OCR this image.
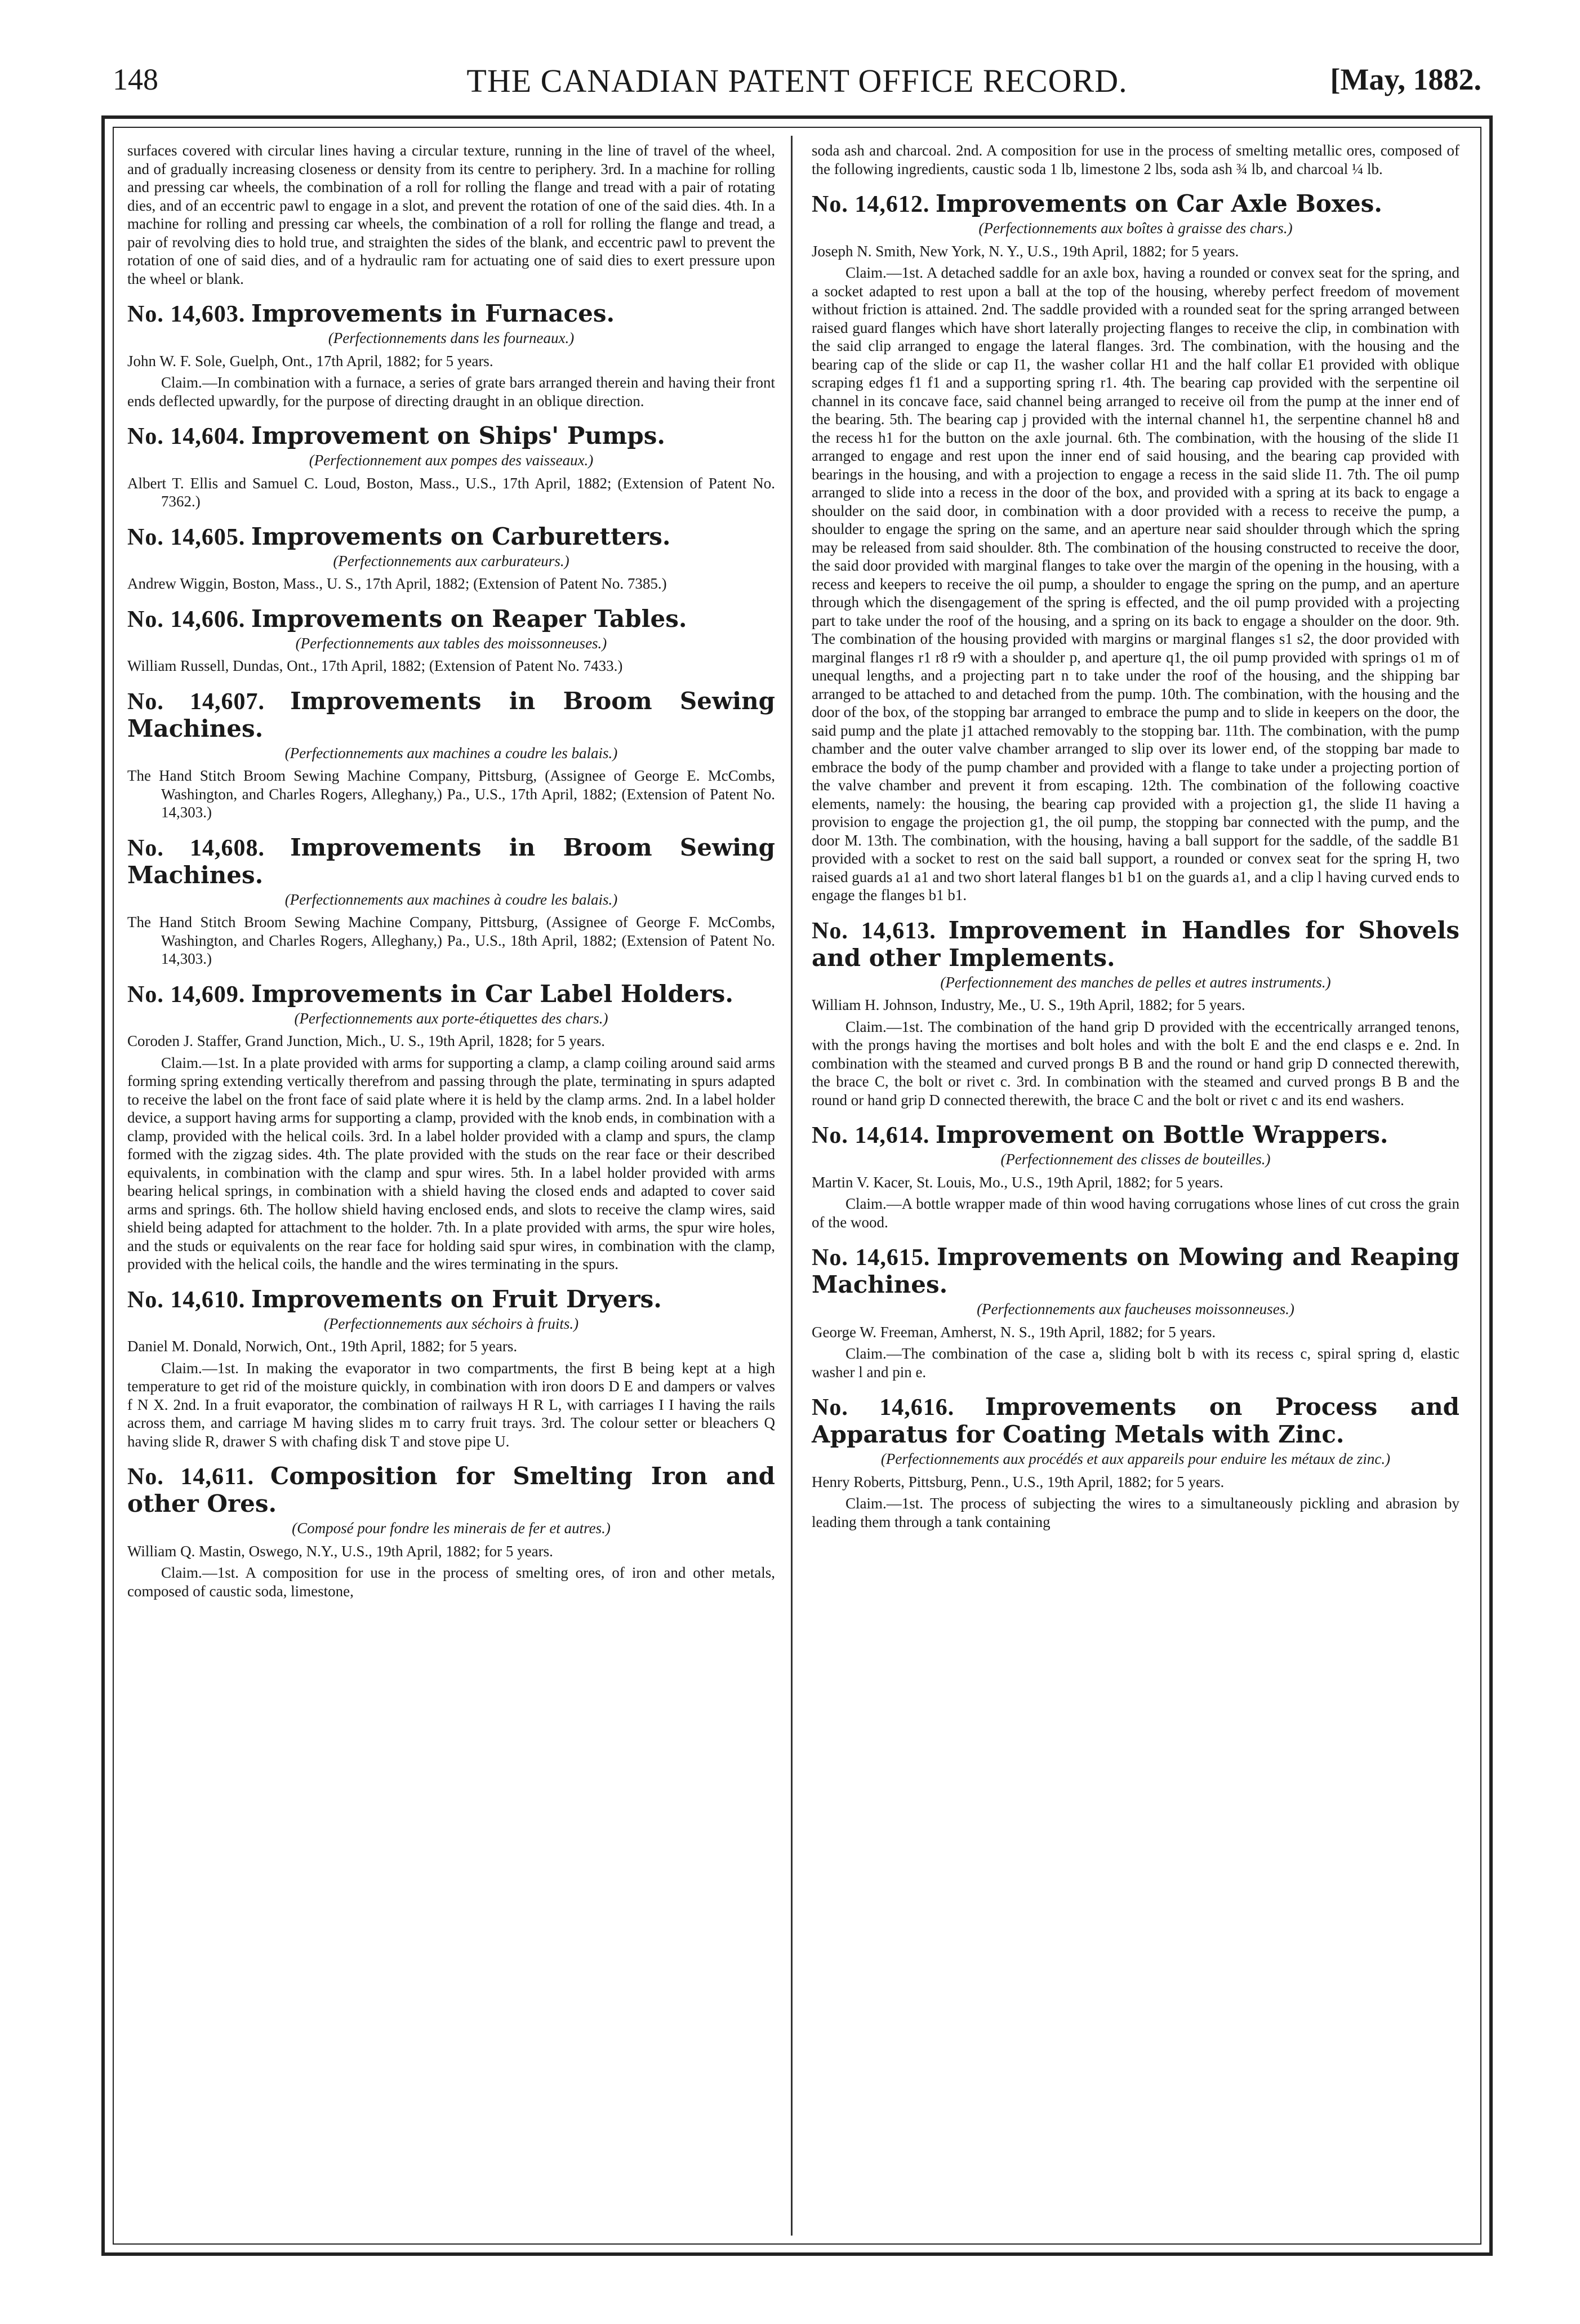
148	THE CANADIAN PATENT OFFICE RECORD.	[May, 1882.

surfaces covered with circular lines having a circular texture, running in the line of travel of the wheel, and of gradually increasing closeness or density from its centre to periphery. 3rd. In a machine for rolling and pressing car wheels, the combination of a roll for rolling the flange and tread with a pair of rotating dies, and of an eccentric pawl to engage in a slot, and prevent the rotation of one of the said dies. 4th. In a machine for rolling and pressing car wheels, the combination of a roll for rolling the flange and tread, a pair of revolving dies to hold true, and straighten the sides of the blank, and eccentric pawl to prevent the rotation of one of said dies, and of a hydraulic ram for actuating one of said dies to exert pressure upon the wheel or blank.

No. 14,603. Improvements in Furnaces.

(Perfectionnements dans les fourneaux.)

John W. F. Sole, Guelph, Ont., 17th April, 1882; for 5 years.

Claim.—In combination with a furnace, a series of grate bars arranged therein and having their front ends deflected upwardly, for the purpose of directing draught in an oblique direction.

No. 14,604. Improvement on Ships' Pumps.

(Perfectionnement aux pompes des vaisseaux.)

Albert T. Ellis and Samuel C. Loud, Boston, Mass., U.S., 17th April, 1882; (Extension of Patent No. 7362.)

No. 14,605. Improvements on Carburetters.

(Perfectionnements aux carburateurs.)

Andrew Wiggin, Boston, Mass., U. S., 17th April, 1882; (Extension of Patent No. 7385.)

No. 14,606. Improvements on Reaper Tables.

(Perfectionnements aux tables des moissonneuses.)

William Russell, Dundas, Ont., 17th April, 1882; (Extension of Patent No. 7433.)

No. 14,607. Improvements in Broom Sewing Machines.

(Perfectionnements aux machines a coudre les balais.)

The Hand Stitch Broom Sewing Machine Company, Pittsburg, (Assignee of George E. McCombs, Washington, and Charles Rogers, Alleghany,) Pa., U.S., 17th April, 1882; (Extension of Patent No. 14,303.)

No. 14,608. Improvements in Broom Sewing Machines.

(Perfectionnements aux machines à coudre les balais.)

The Hand Stitch Broom Sewing Machine Company, Pittsburg, (Assignee of George F. McCombs, Washington, and Charles Rogers, Alleghany,) Pa., U.S., 18th April, 1882; (Extension of Patent No. 14,303.)

No. 14,609. Improvements in Car Label Holders.

(Perfectionnements aux porte-étiquettes des chars.)

Coroden J. Staffer, Grand Junction, Mich., U. S., 19th April, 1828; for 5 years.

Claim.—1st. In a plate provided with arms for supporting a clamp, a clamp coiling around said arms forming spring extending vertically therefrom and passing through the plate, terminating in spurs adapted to receive the label on the front face of said plate where it is held by the clamp arms. 2nd. In a label holder device, a support having arms for supporting a clamp, provided with the knob ends, in combination with a clamp, provided with the helical coils. 3rd. In a label holder provided with a clamp and spurs, the clamp formed with the zigzag sides. 4th. The plate provided with the studs on the rear face or their described equivalents, in combination with the clamp and spur wires. 5th. In a label holder provided with arms bearing helical springs, in combination with a shield having the closed ends and adapted to cover said arms and springs. 6th. The hollow shield having enclosed ends, and slots to receive the clamp wires, said shield being adapted for attachment to the holder. 7th. In a plate provided with arms, the spur wire holes, and the studs or equivalents on the rear face for holding said spur wires, in combination with the clamp, provided with the helical coils, the handle and the wires terminating in the spurs.

No. 14,610. Improvements on Fruit Dryers.

(Perfectionnements aux séchoirs à fruits.)

Daniel M. Donald, Norwich, Ont., 19th April, 1882; for 5 years.

Claim.—1st. In making the evaporator in two compartments, the first B being kept at a high temperature to get rid of the moisture quickly, in combination with iron doors D E and dampers or valves f N X. 2nd. In a fruit evaporator, the combination of railways H R L, with carriages I I having the rails across them, and carriage M having slides m to carry fruit trays. 3rd. The colour setter or bleachers Q having slide R, drawer S with chafing disk T and stove pipe U.

No. 14,611. Composition for Smelting Iron and other Ores.

(Composé pour fondre les minerais de fer et autres.)

William Q. Mastin, Oswego, N.Y., U.S., 19th April, 1882; for 5 years.

Claim.—1st. A composition for use in the process of smelting ores, of iron and other metals, composed of caustic soda, limestone,

soda ash and charcoal. 2nd. A composition for use in the process of smelting metallic ores, composed of the following ingredients, caustic soda 1 lb, limestone 2 lbs, soda ash ¾ lb, and charcoal ¼ lb.

No. 14,612. Improvements on Car Axle Boxes.

(Perfectionnements aux boîtes à graisse des chars.)

Joseph N. Smith, New York, N. Y., U.S., 19th April, 1882; for 5 years.

Claim.—1st. A detached saddle for an axle box, having a rounded or convex seat for the spring, and a socket adapted to rest upon a ball at the top of the housing, whereby perfect freedom of movement without friction is attained. 2nd. The saddle provided with a rounded seat for the spring arranged between raised guard flanges which have short laterally projecting flanges to receive the clip, in combination with the said clip arranged to engage the lateral flanges. 3rd. The combination, with the housing and the bearing cap of the slide or cap I1, the washer collar H1 and the half collar E1 provided with oblique scraping edges f1 f1 and a supporting spring r1. 4th. The bearing cap provided with the serpentine oil channel in its concave face, said channel being arranged to receive oil from the pump at the inner end of the bearing. 5th. The bearing cap j provided with the internal channel h1, the serpentine channel h8 and the recess h1 for the button on the axle journal. 6th. The combination, with the housing of the slide I1 arranged to engage and rest upon the inner end of said housing, and the bearing cap provided with bearings in the housing, and with a projection to engage a recess in the said slide I1. 7th. The oil pump arranged to slide into a recess in the door of the box, and provided with a spring at its back to engage a shoulder on the said door, in combination with a door provided with a recess to receive the pump, a shoulder to engage the spring on the same, and an aperture near said shoulder through which the spring may be released from said shoulder. 8th. The combination of the housing constructed to receive the door, the said door provided with marginal flanges to take over the margin of the opening in the housing, with a recess and keepers to receive the oil pump, a shoulder to engage the spring on the pump, and an aperture through which the disengagement of the spring is effected, and the oil pump provided with a projecting part to take under the roof of the housing, and a spring on its back to engage a shoulder on the door. 9th. The combination of the housing provided with margins or marginal flanges s1 s2, the door provided with marginal flanges r1 r8 r9 with a shoulder p, and aperture q1, the oil pump provided with springs o1 m of unequal lengths, and a projecting part n to take under the roof of the housing, and the shipping bar arranged to be attached to and detached from the pump. 10th. The combination, with the housing and the door of the box, of the stopping bar arranged to embrace the pump and to slide in keepers on the door, the said pump and the plate j1 attached removably to the stopping bar. 11th. The combination, with the pump chamber and the outer valve chamber arranged to slip over its lower end, of the stopping bar made to embrace the body of the pump chamber and provided with a flange to take under a projecting portion of the valve chamber and prevent it from escaping. 12th. The combination of the following coactive elements, namely: the housing, the bearing cap provided with a projection g1, the slide I1 having a provision to engage the projection g1, the oil pump, the stopping bar connected with the pump, and the door M. 13th. The combination, with the housing, having a ball support for the saddle, of the saddle B1 provided with a socket to rest on the said ball support, a rounded or convex seat for the spring H, two raised guards a1 a1 and two short lateral flanges b1 b1 on the guards a1, and a clip l having curved ends to engage the flanges b1 b1.

No. 14,613. Improvement in Handles for Shovels and other Implements.

(Perfectionnement des manches de pelles et autres instruments.)

William H. Johnson, Industry, Me., U. S., 19th April, 1882; for 5 years.

Claim.—1st. The combination of the hand grip D provided with the eccentrically arranged tenons, with the prongs having the mortises and bolt holes and with the bolt E and the end clasps e e. 2nd. In combination with the steamed and curved prongs B B and the round or hand grip D connected therewith, the brace C, the bolt or rivet c. 3rd. In combination with the steamed and curved prongs B B and the round or hand grip D connected therewith, the brace C and the bolt or rivet c and its end washers.

No. 14,614. Improvement on Bottle Wrappers.

(Perfectionnement des clisses de bouteilles.)

Martin V. Kacer, St. Louis, Mo., U.S., 19th April, 1882; for 5 years.

Claim.—A bottle wrapper made of thin wood having corrugations whose lines of cut cross the grain of the wood.

No. 14,615. Improvements on Mowing and Reaping Machines.

(Perfectionnements aux faucheuses moissonneuses.)

George W. Freeman, Amherst, N. S., 19th April, 1882; for 5 years.

Claim.—The combination of the case a, sliding bolt b with its recess c, spiral spring d, elastic washer l and pin e.

No. 14,616. Improvements on Process and Apparatus for Coating Metals with Zinc.

(Perfectionnements aux procédés et aux appareils pour enduire les métaux de zinc.)

Henry Roberts, Pittsburg, Penn., U.S., 19th April, 1882; for 5 years.

Claim.—1st. The process of subjecting the wires to a simultaneously pickling and abrasion by leading them through a tank containing
